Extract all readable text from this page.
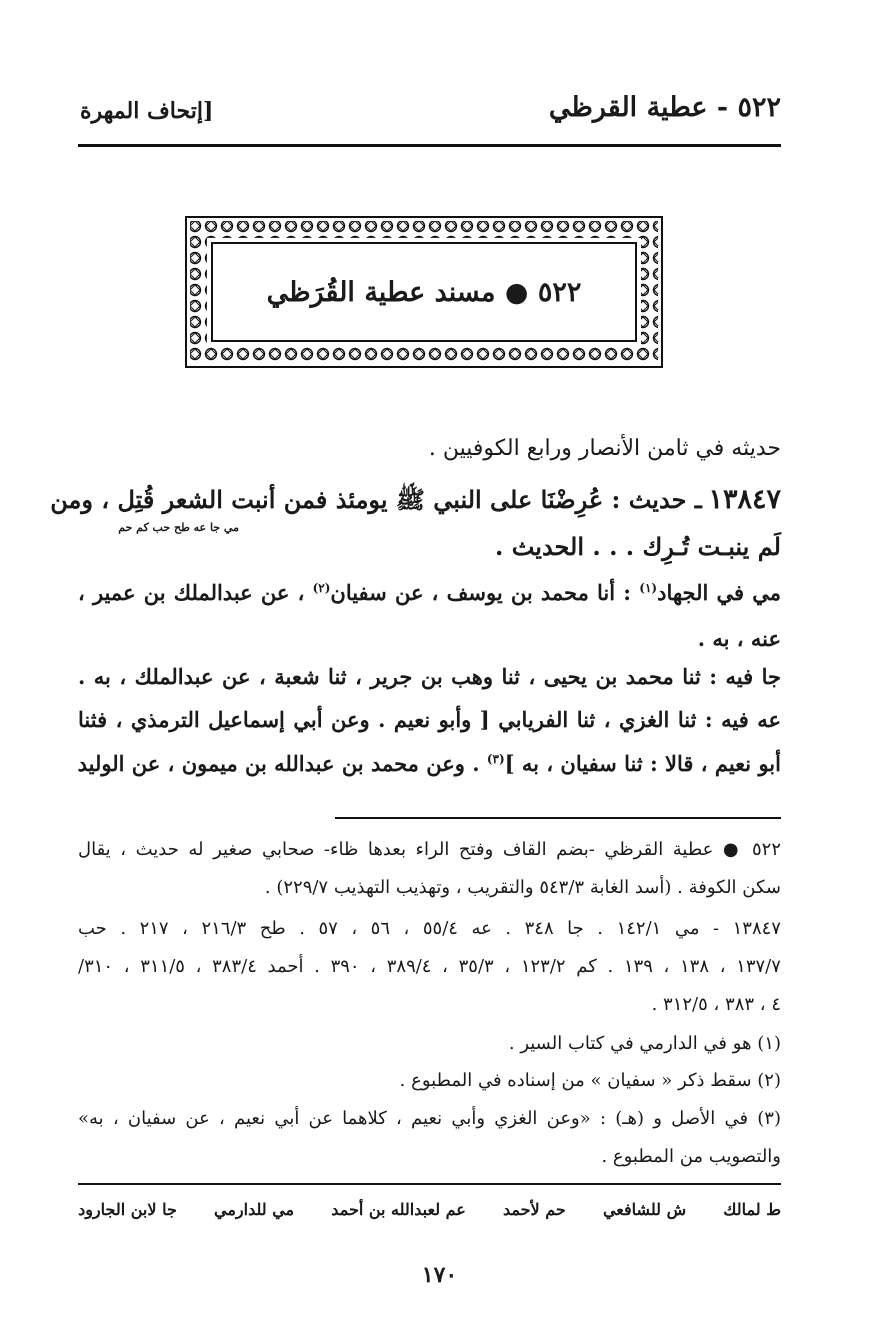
٥٢٢ - عطية القرظي
[إتحاف المهرة
٥٢٢ ● مسند عطية القُرَظي
حديثه في ثامن الأنصار ورابع الكوفيين .
١٣٨٤٧ ـ حديث : عُرِضْنَا على النبي ﷺ يومئذ فمن أنبت الشعر قُتِل ، ومن
مي جا عه طح حب كم حم
لَم ينبـت تُـرِك . . . الحديث .
مي في الجهاد$^{(١)}$ : أنا محمد بن يوسف ، عن سفيان$^{(٢)}$ ، عن عبدالملك بن عمير ،
عنه ، به .
جا فيه : ثنا محمد بن يحيى ، ثنا وهب بن جرير ، ثنا شعبة ، عن عبدالملك ، به .
عه فيه : ثنا الغزي ، ثنا الفريابي [ وأبو نعيم . وعن أبي إسماعيل الترمذي ، فثنا
أبو نعيم ، قالا : ثنا سفيان ، به ]$^{(٣)}$ . وعن محمد بن عبدالله بن ميمون ، عن الوليد
٥٢٢ ● عطية القرظي -بضم القاف وفتح الراء بعدها ظاء- صحابي صغير له حديث ، يقال
سكن الكوفة . (أسد الغابة ٥٤٣/٣ والتقريب ، وتهذيب التهذيب ٢٢٩/٧) .
١٣٨٤٧ - مي ١٤٢/١ . جا ٣٤٨ . عه ٥٥/٤ ، ٥٦ ، ٥٧ . طح ٢١٦/٣ ، ٢١٧ . حب
١٣٧/٧ ، ١٣٨ ، ١٣٩ . كم ١٢٣/٢ ، ٣٥/٣ ، ٣٨٩/٤ ، ٣٩٠ . أحمد ٣٨٣/٤ ، ٣١١/٥ ، ٣١٠/
٤ ، ٣٨٣ ، ٣١٢/٥ .
(١) هو في الدارمي في كتاب السير .
(٢) سقط ذكر « سفيان » من إسناده في المطبوع .
(٣) في الأصل و (هـ) : «وعن الغزي وأبي نعيم ، كلاهما عن أبي نعيم ، عن سفيان ، به»
والتصويب من المطبوع .
ط لمالك
ش للشافعي
حم لأحمد
عم لعبدالله بن أحمد
مي للدارمي
جا لابن الجارود
١٧٠
